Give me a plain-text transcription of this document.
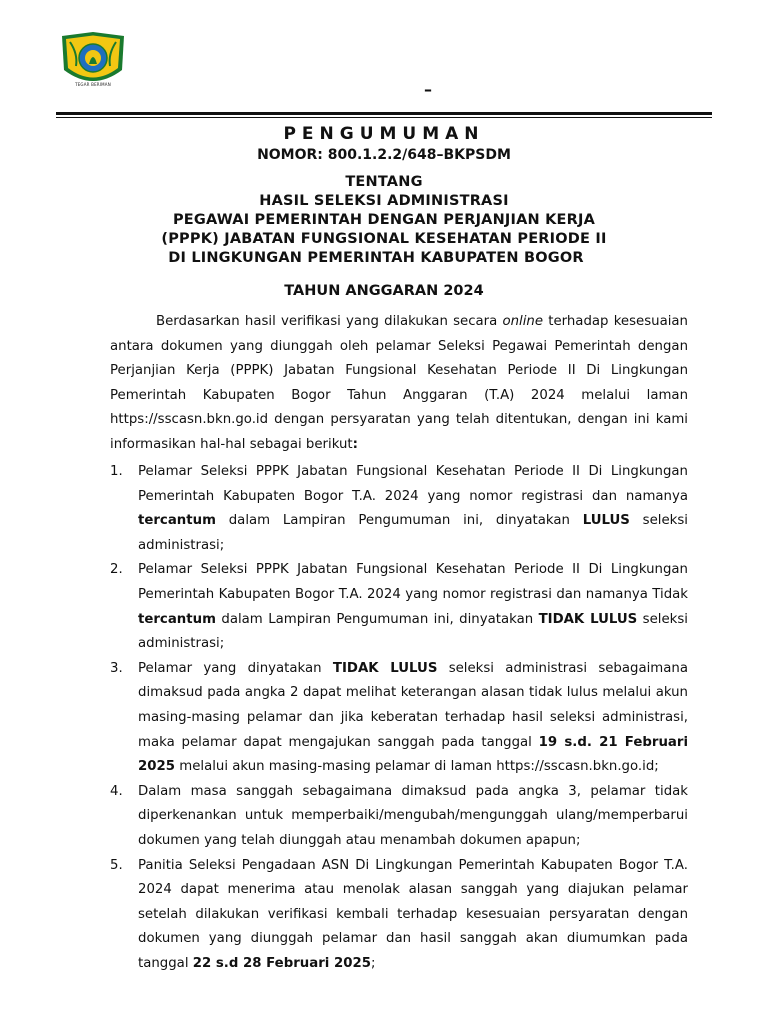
TEGAR BERIMAN	–
PENGUMUMAN
NOMOR: 800.1.2.2/648–BKPSDM
TENTANG
HASIL SELEKSI ADMINISTRASI
PEGAWAI PEMERINTAH DENGAN PERJANJIAN KERJA
(PPPK) JABATAN FUNGSIONAL KESEHATAN PERIODE II
DI LINGKUNGAN PEMERINTAH KABUPATEN BOGOR
TAHUN ANGGARAN 2024
Berdasarkan hasil verifikasi yang dilakukan secara online terhadap kesesuaian antara dokumen yang diunggah oleh pelamar Seleksi Pegawai Pemerintah dengan Perjanjian Kerja (PPPK) Jabatan Fungsional Kesehatan Periode II Di Lingkungan Pemerintah Kabupaten Bogor Tahun Anggaran (T.A) 2024 melalui laman https://sscasn.bkn.go.id dengan persyaratan yang telah ditentukan, dengan ini kami informasikan hal-hal sebagai berikut:
1. Pelamar Seleksi PPPK Jabatan Fungsional Kesehatan Periode II Di Lingkungan Pemerintah Kabupaten Bogor T.A. 2024 yang nomor registrasi dan namanya tercantum dalam Lampiran Pengumuman ini, dinyatakan LULUS seleksi administrasi;
2. Pelamar Seleksi PPPK Jabatan Fungsional Kesehatan Periode II Di Lingkungan Pemerintah Kabupaten Bogor T.A. 2024 yang nomor registrasi dan namanya Tidak tercantum dalam Lampiran Pengumuman ini, dinyatakan TIDAK LULUS seleksi administrasi;
3. Pelamar yang dinyatakan TIDAK LULUS seleksi administrasi sebagaimana dimaksud pada angka 2 dapat melihat keterangan alasan tidak lulus melalui akun masing-masing pelamar dan jika keberatan terhadap hasil seleksi administrasi, maka pelamar dapat mengajukan sanggah pada tanggal 19 s.d. 21 Februari 2025 melalui akun masing-masing pelamar di laman https://sscasn.bkn.go.id;
4. Dalam masa sanggah sebagaimana dimaksud pada angka 3, pelamar tidak diperkenankan untuk memperbaiki/mengubah/mengunggah ulang/memperbarui dokumen yang telah diunggah atau menambah dokumen apapun;
5. Panitia Seleksi Pengadaan ASN Di Lingkungan Pemerintah Kabupaten Bogor T.A. 2024 dapat menerima atau menolak alasan sanggah yang diajukan pelamar setelah dilakukan verifikasi kembali terhadap kesesuaian persyaratan dengan dokumen yang diunggah pelamar dan hasil sanggah akan diumumkan pada tanggal 22 s.d 28 Februari 2025;
